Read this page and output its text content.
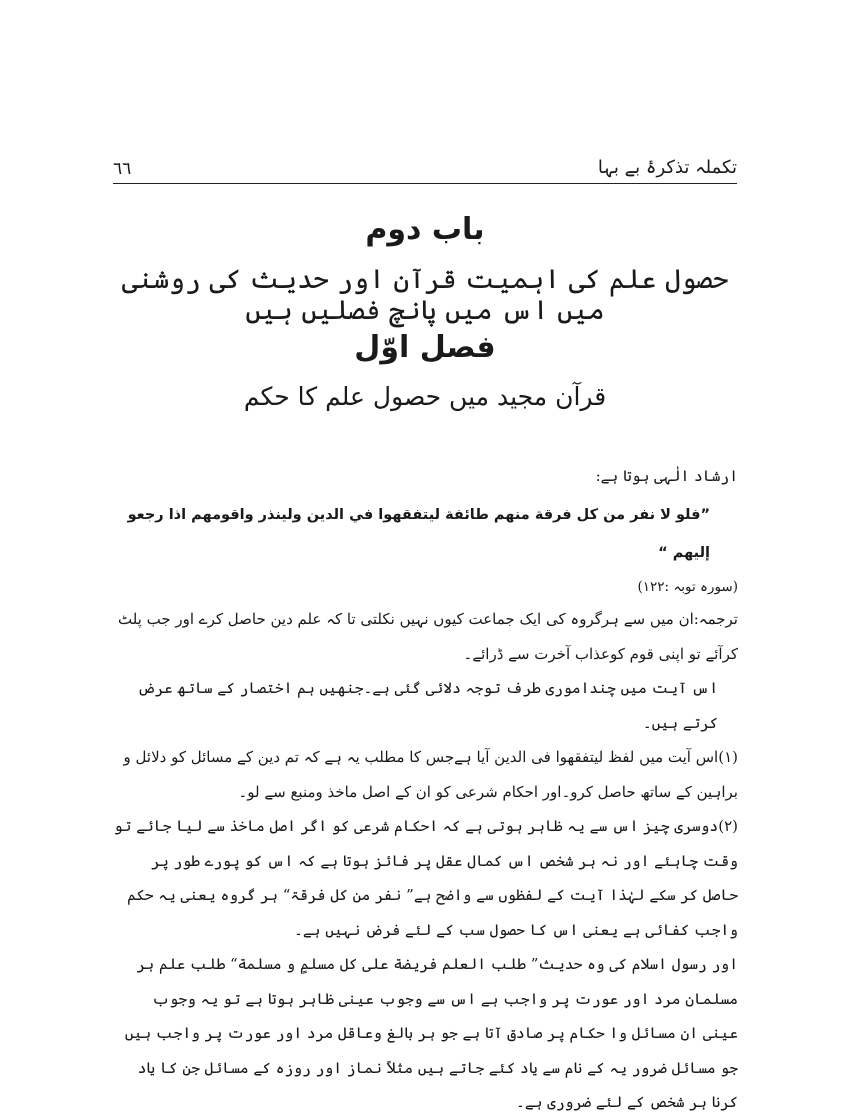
٦٦	تکملہ تذکرۂ بے بہا
باب دوم
حصول علم کی اہمیت قرآن اور حدیث کی روشنی میں اس میں پانچ فصلیں ہیں
فصل اوّل
قرآن مجید میں حصول علم کا حکم

ارشاد الٰہی ہوتا ہے:

”فلو لا نفر من كل فرقة منهم طائفة ليتفقهوا في الدين ولينذر واقومهم اذا رجعو إليهم “

(سورہ توبہ :۱۲۲)

ترجمہ:ان میں سے ہرگروہ کی ایک جماعت کیوں نہیں نکلتی تا کہ علم دین حاصل کرے اور جب پلٹ کرآئے تو اپنی قوم کوعذاب آخرت سے ڈرائے۔

اس آیت میں چنداموری طرف توجہ دلائی گئی ہے۔جنھیں ہم اختصار کے ساتھ عرض کرتے ہیں۔

(۱)اس آیت میں لفظ لیتفقھوا فی الدین آیا ہےجس کا مطلب یہ ہے کہ تم دین کے مسائل کو دلائل و براہین کے ساتھ حاصل کرو۔اور احکام شرعی کو ان کے اصل ماخذ ومنبع سے لو۔

(۲)دوسری چیز اس سے یہ ظاہر ہوتی ہے کہ احکام شرعی کو اگر اصل ماخذ سے لیا جائے تو وقت چاہئے اور نہ ہر شخص اس کمال عقل پر فائز ہوتا ہے کہ اس کو پورے طور پر حاصل کر سکے لہٰذا آیت کے لفظوں سے واضح ہے” نفر من کل فرقۃ“ ہر گروہ یعنی یہ حکم واجب کفائی ہے یعنی اس کا حصول سب کے لئے فرض نہیں ہے۔

اور رسول اسلام کی وہ حدیث” طلب العلم فریضة علی کل مسلمٍ و مسلمة“ طلب علم ہر مسلمان مرد اور عورت پر واجب ہے اس سے وجوب عینی ظاہر ہوتا ہے تو یہ وجوب عینی ان مسائل وا حکام پر صادق آتا ہے جو ہر بالغ وعاقل مرد اور عورت پر واجب ہیں جو مسائل ضرور یہ کے نام سے یاد کئے جاتے ہیں مثلاً نماز اور روزہ کے مسائل جن کا یاد کرنا ہر شخص کے لئے ضروری ہے۔
